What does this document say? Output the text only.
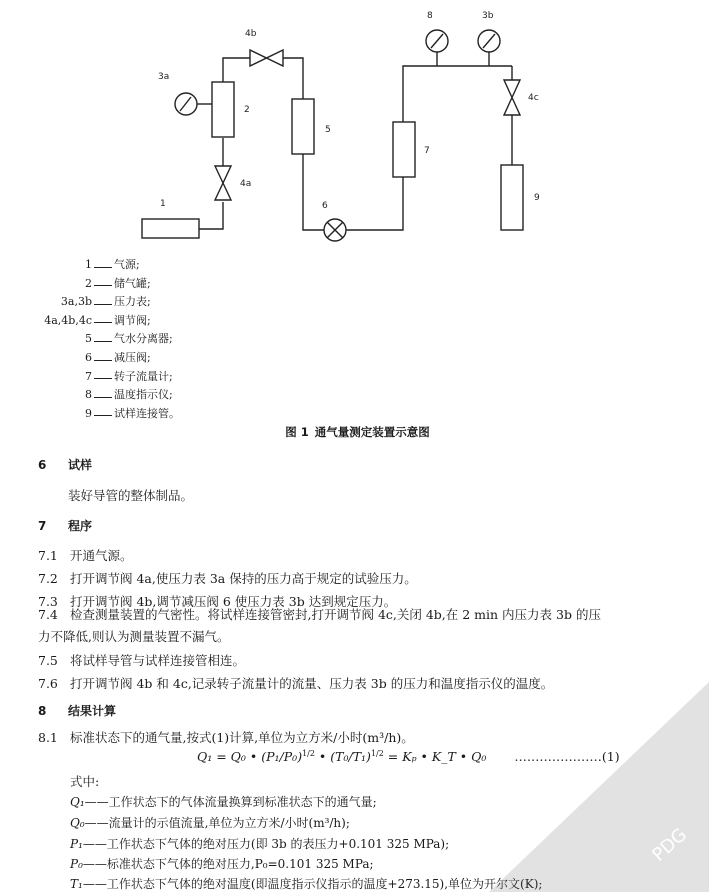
1
2
3a
4a
4b
5
6
7
8	3b
4c
9
1 气源;
2 储气罐;
3a,3b 压力表;
4a,4b,4c 调节阀;
5 气水分离器;
6 减压阀;
7 转子流量计;
8 温度指示仪;
9 试样连接管。
图 1 通气量测定装置示意图
6 试样
装好导管的整体制品。
7 程序
7.1 开通气源。
7.2 打开调节阀 4a,使压力表 3a 保持的压力高于规定的试验压力。
7.3 打开调节阀 4b,调节减压阀 6 使压力表 3b 达到规定压力。
7.4 检查测量装置的气密性。将试样连接管密封,打开调节阀 4c,关闭 4b,在 2 min 内压力表 3b 的压
力不降低,则认为测量装置不漏气。
7.5 将试样导管与试样连接管相连。
7.6 打开调节阀 4b 和 4c,记录转子流量计的流量、压力表 3b 的压力和温度指示仪的温度。
8 结果计算
8.1 标准状态下的通气量,按式(1)计算,单位为立方米/小时(m³/h)。
Q₁ = Q₀ • $(P_1/P_0)^{1/2}$ • $(T_0/T_1)^{1/2} = K_p$ • K_T • Q₀ …………………(1)
式中:
Q₁——工作状态下的气体流量换算到标准状态下的通气量;
Q₀——流量计的示值流量,单位为立方米/小时(m³/h);
P₁——工作状态下气体的绝对压力(即 3b 的表压力+0.101 325 MPa);
P₀——标准状态下气体的绝对压力,P₀=0.101 325 MPa;
T₁——工作状态下气体的绝对温度(即温度指示仪指示的温度+273.15),单位为开尔文(K);
PDG
